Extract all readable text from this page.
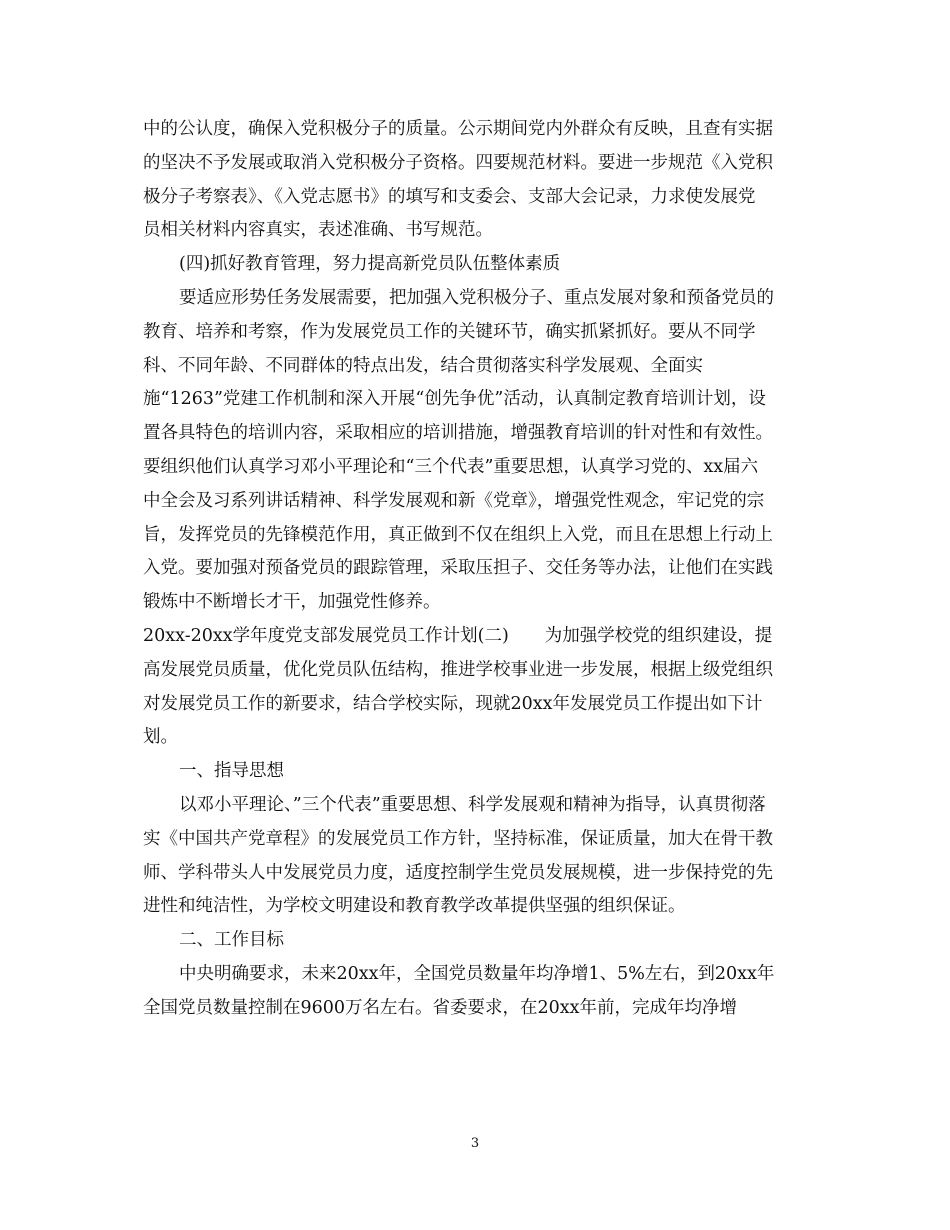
中的公认度，确保入党积极分子的质量。公示期间党内外群众有反映，且查有实据
的坚决不予发展或取消入党积极分子资格。四要规范材料。要进一步规范《入党积
极分子考察表》、《入党志愿书》的填写和支委会、支部大会记录，力求使发展党
员相关材料内容真实，表述准确、书写规范。

(四)抓好教育管理，努力提高新党员队伍整体素质

要适应形势任务发展需要，把加强入党积极分子、重点发展对象和预备党员的
教育、培养和考察，作为发展党员工作的关键环节，确实抓紧抓好。要从不同学
科、不同年龄、不同群体的特点出发，结合贯彻落实科学发展观、全面实
施“1263”党建工作机制和深入开展“创先争优”活动，认真制定教育培训计划，设
置各具特色的培训内容，采取相应的培训措施，增强教育培训的针对性和有效性。
要组织他们认真学习邓小平理论和“三个代表”重要思想，认真学习党的、xx届六
中全会及习系列讲话精神、科学发展观和新《党章》，增强党性观念，牢记党的宗
旨，发挥党员的先锋模范作用，真正做到不仅在组织上入党，而且在思想上行动上
入党。要加强对预备党员的跟踪管理，采取压担子、交任务等办法，让他们在实践
锻炼中不断增长才干，加强党性修养。

20xx-20xx学年度党支部发展党员工作计划(二) 为加强学校党的组织建设，提
高发展党员质量，优化党员队伍结构，推进学校事业进一步发展，根据上级党组织
对发展党员工作的新要求，结合学校实际，现就20xx年发展党员工作提出如下计
划。

一、指导思想

以邓小平理论、”三个代表”重要思想、科学发展观和精神为指导，认真贯彻落
实《中国共产党章程》的发展党员工作方针，坚持标准，保证质量，加大在骨干教
师、学科带头人中发展党员力度，适度控制学生党员发展规模，进一步保持党的先
进性和纯洁性，为学校文明建设和教育教学改革提供坚强的组织保证。

二、工作目标

中央明确要求，未来20xx年，全国党员数量年均净增1、5%左右，到20xx年
全国党员数量控制在9600万名左右。省委要求，在20xx年前，完成年均净增

3
